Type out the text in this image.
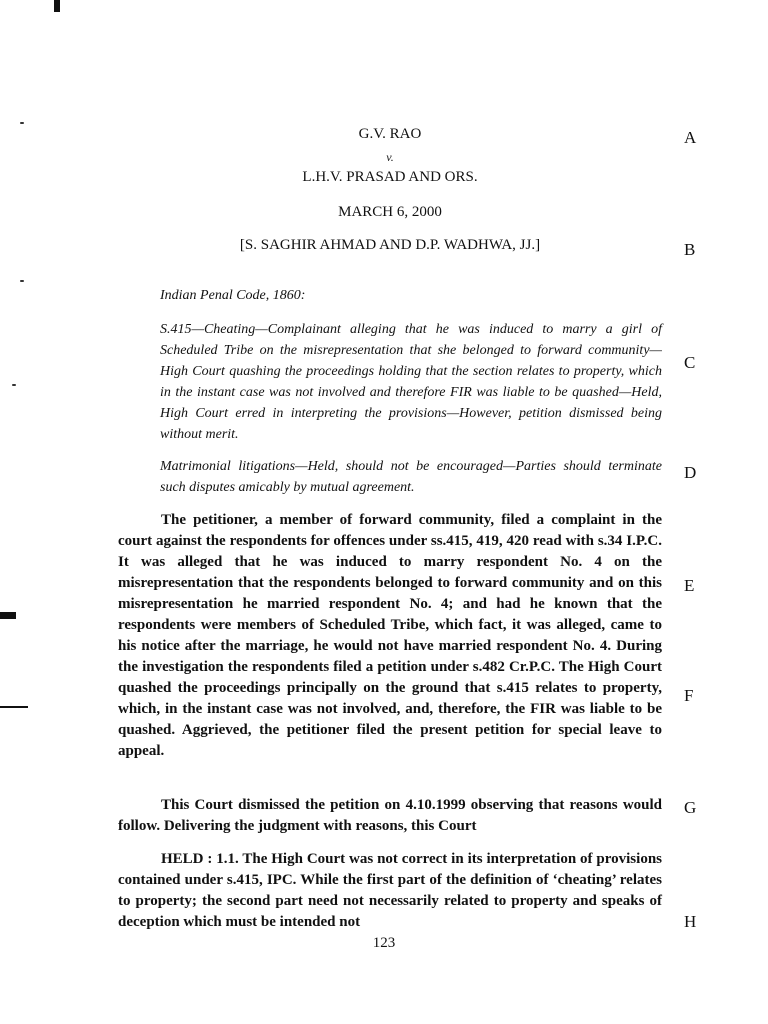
G.V. RAO
v.
L.H.V. PRASAD AND ORS.
MARCH 6, 2000
[S. SAGHIR AHMAD AND D.P. WADHWA, JJ.]
A
B
C
D
E
F
G
H

Indian Penal Code, 1860:

S.415—Cheating—Complainant alleging that he was induced to marry a girl of Scheduled Tribe on the misrepresentation that she belonged to forward community—High Court quashing the proceedings holding that the section relates to property, which in the instant case was not involved and therefore FIR was liable to be quashed—Held, High Court erred in interpreting the provisions—However, petition dismissed being without merit.

Matrimonial litigations—Held, should not be encouraged—Parties should terminate such disputes amicably by mutual agreement.

The petitioner, a member of forward community, filed a complaint in the court against the respondents for offences under ss.415, 419, 420 read with s.34 I.P.C. It was alleged that he was induced to marry respondent No. 4 on the misrepresentation that the respondents belonged to forward community and on this misrepresentation he married respondent No. 4; and had he known that the respondents were members of Scheduled Tribe, which fact, it was alleged, came to his notice after the marriage, he would not have married respondent No. 4. During the investigation the respondents filed a petition under s.482 Cr.P.C. The High Court quashed the proceedings principally on the ground that s.415 relates to property, which, in the instant case was not involved, and, therefore, the FIR was liable to be quashed. Aggrieved, the petitioner filed the present petition for special leave to appeal.

This Court dismissed the petition on 4.10.1999 observing that reasons would follow. Delivering the judgment with reasons, this Court

HELD : 1.1. The High Court was not correct in its interpretation of provisions contained under s.415, IPC. While the first part of the definition of ‘cheating’ relates to property; the second part need not necessarily related to property and speaks of deception which must be intended not

123
